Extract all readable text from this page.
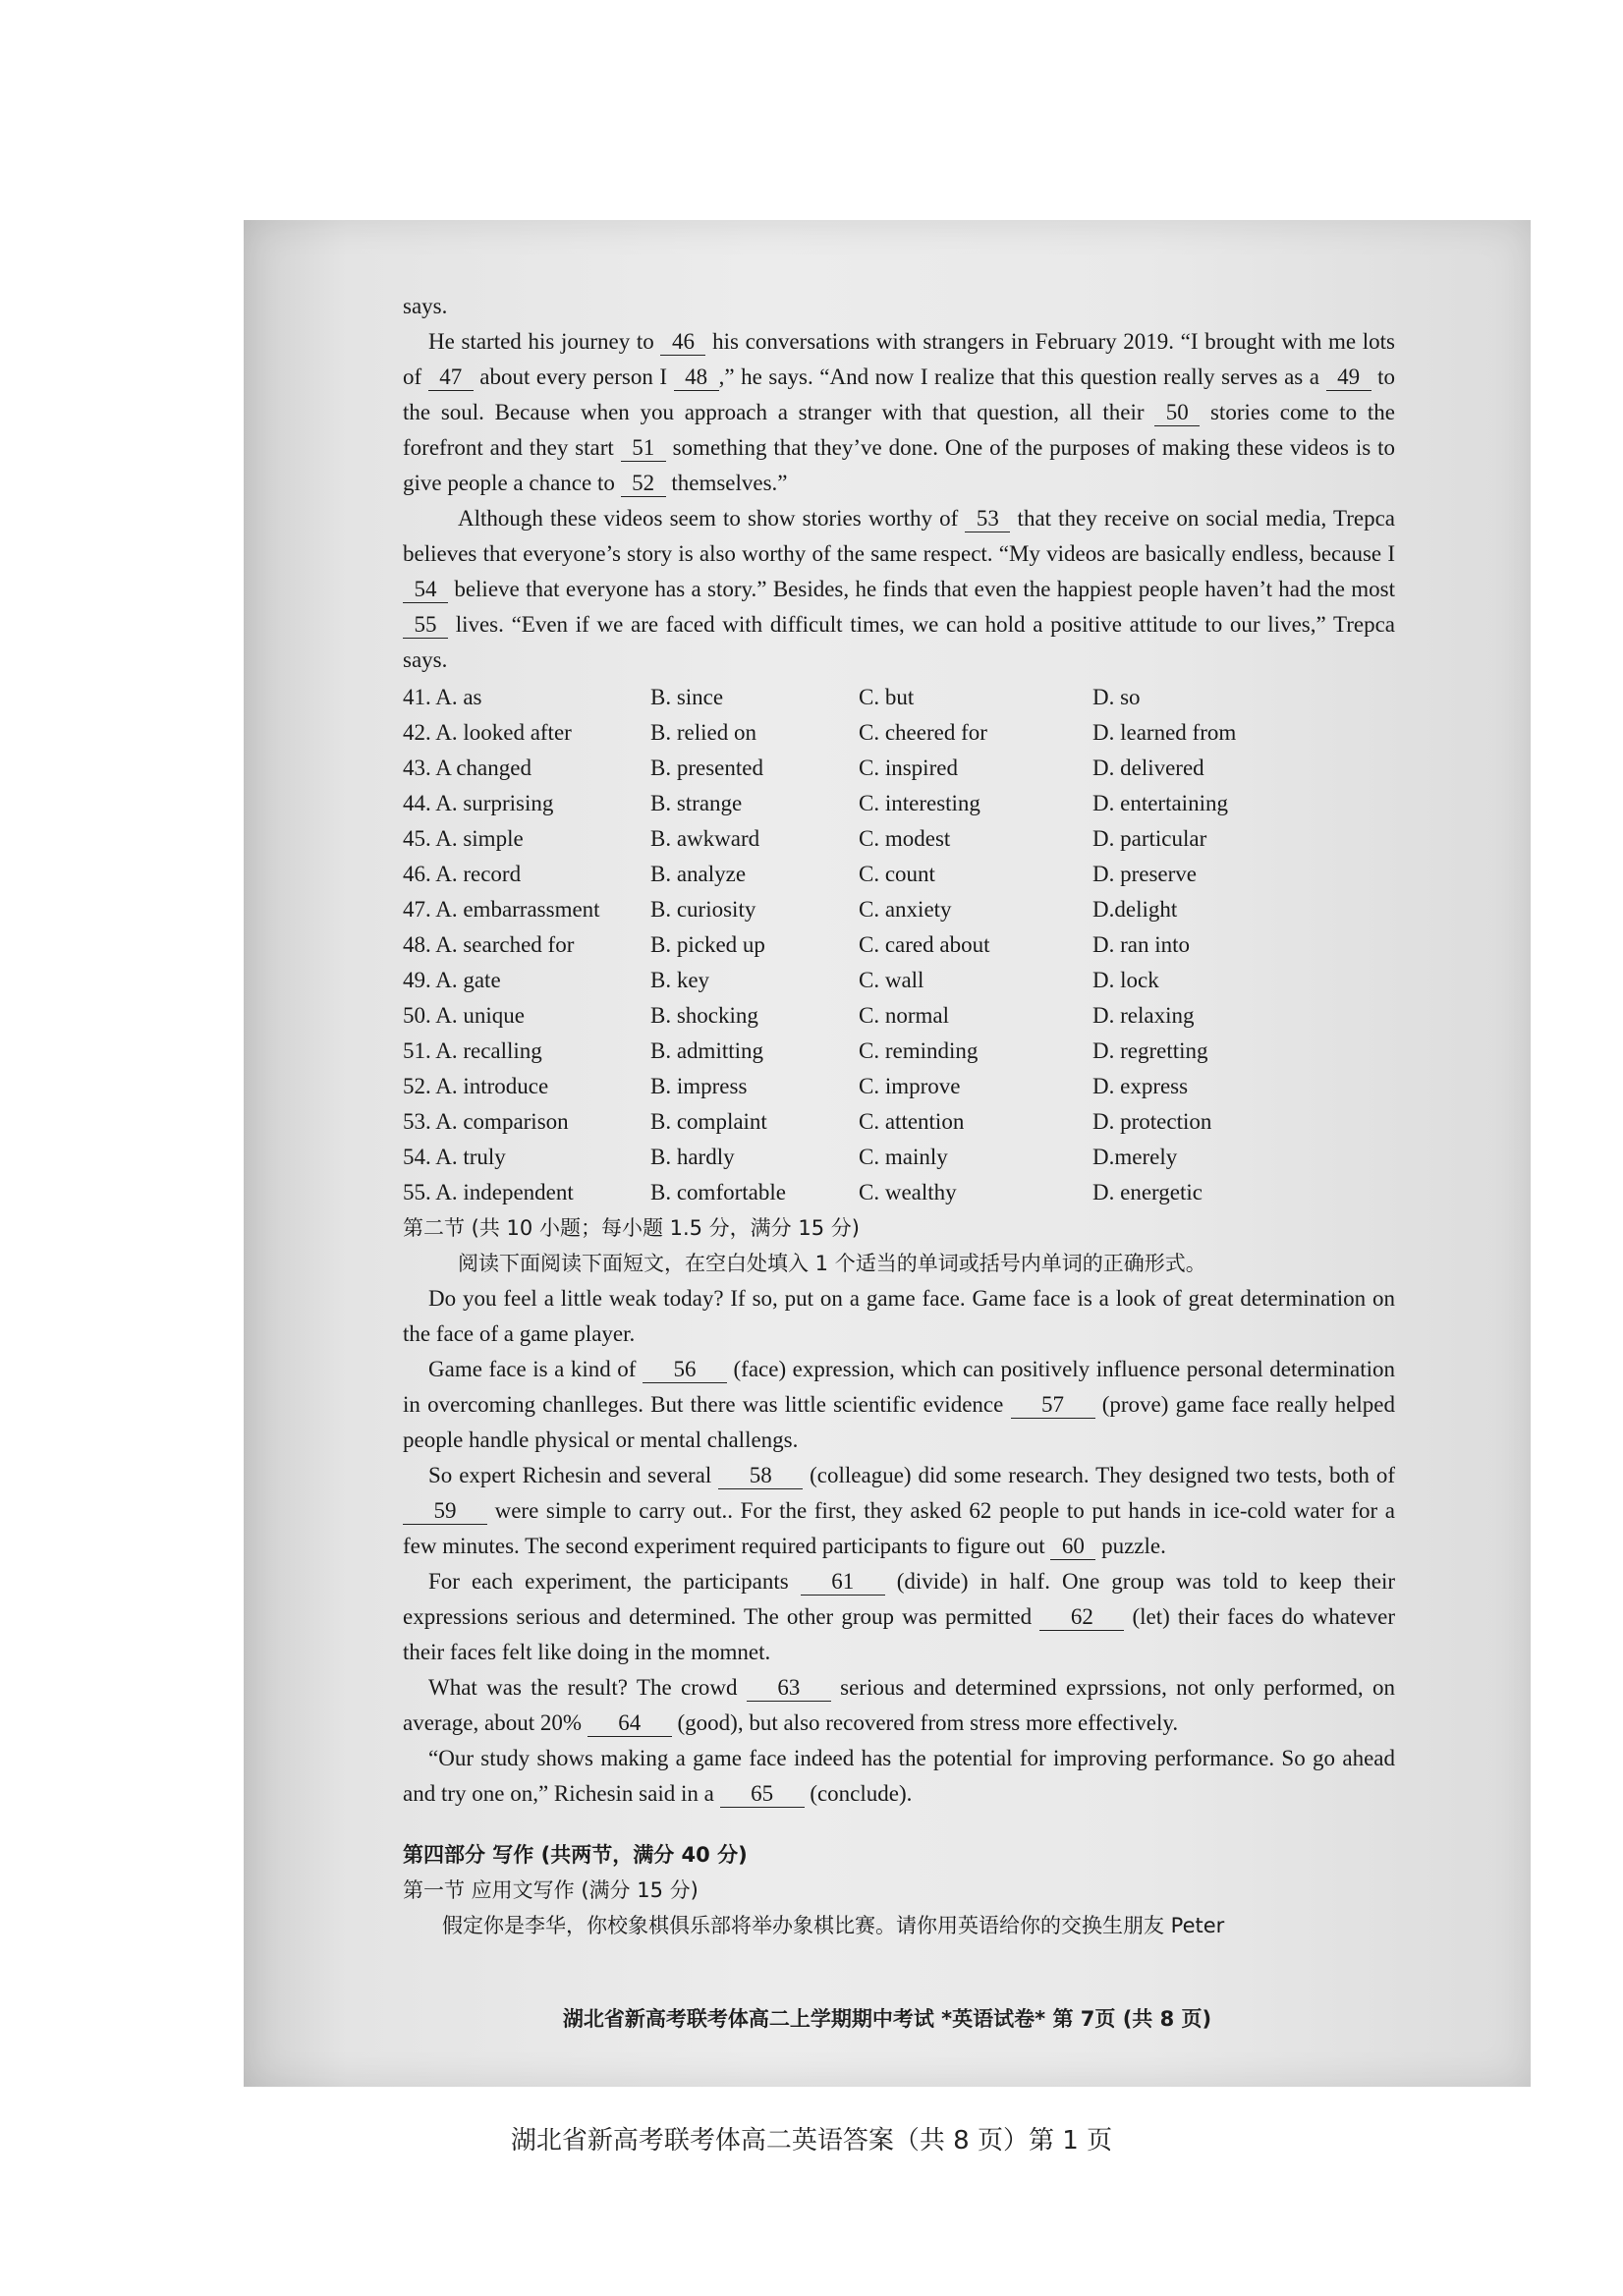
says.

He started his journey to 46 his conversations with strangers in February 2019. “I brought with me lots of 47 about every person I 48 ,” he says. “And now I realize that this question really serves as a 49 to the soul. Because when you approach a stranger with that question, all their 50 stories come to the forefront and they start 51 something that they’ve done. One of the purposes of making these videos is to give people a chance to 52 themselves.”

Although these videos seem to show stories worthy of 53 that they receive on social media, Trepca believes that everyone’s story is also worthy of the same respect. “My videos are basically endless, because I 54 believe that everyone has a story.” Besides, he finds that even the happiest people haven’t had the most 55 lives. “Even if we are faced with difficult times, we can hold a positive attitude to our lives,” Trepca says.

41. A. as	B. since	C. but	D. so
42. A. looked after	B. relied on	C. cheered for	D. learned from
43. A changed	B. presented	C. inspired	D. delivered
44. A. surprising	B. strange	C. interesting	D. entertaining
45. A. simple	B. awkward	C. modest	D. particular
46. A. record	B. analyze	C. count	D. preserve
47. A. embarrassment	B. curiosity	C. anxiety	D.delight
48. A. searched for	B. picked up	C. cared about	D. ran into
49. A. gate	B. key	C. wall	D. lock
50. A. unique	B. shocking	C. normal	D. relaxing
51. A. recalling	B. admitting	C. reminding	D. regretting
52. A. introduce	B. impress	C. improve	D. express
53. A. comparison	B. complaint	C. attention	D. protection
54. A. truly	B. hardly	C. mainly	D.merely
55. A. independent	B. comfortable	C. wealthy	D. energetic

第二节 (共 10 小题；每小题 1.5 分，满分 15 分)

阅读下面阅读下面短文，在空白处填入 1 个适当的单词或括号内单词的正确形式。

Do you feel a little weak today? If so, put on a game face. Game face is a look of great determination on the face of a game player.

Game face is a kind of 56 (face) expression, which can positively influence personal determination in overcoming chanlleges. But there was little scientific evidence 57 (prove) game face really helped people handle physical or mental challengs.

So expert Richesin and several 58 (colleague) did some research. They designed two tests, both of 59 were simple to carry out.. For the first, they asked 62 people to put hands in ice-cold water for a few minutes. The second experiment required participants to figure out 60 puzzle.

For each experiment, the participants 61 (divide) in half. One group was told to keep their expressions serious and determined. The other group was permitted 62 (let) their faces do whatever their faces felt like doing in the momnet.

What was the result? The crowd 63 serious and determined exprssions, not only performed, on average, about 20% 64 (good), but also recovered from stress more effectively.

“Our study shows making a game face indeed has the potential for improving performance. So go ahead and try one on,” Richesin said in a 65 (conclude).

第四部分 写作 (共两节，满分 40 分)

第一节 应用文写作 (满分 15 分)

假定你是李华，你校象棋俱乐部将举办象棋比赛。请你用英语给你的交换生朋友 Peter

湖北省新高考联考体高二上学期期中考试 *英语试卷* 第 7页 (共 8 页)
湖北省新高考联考体高二英语答案（共 8 页）第 1 页
